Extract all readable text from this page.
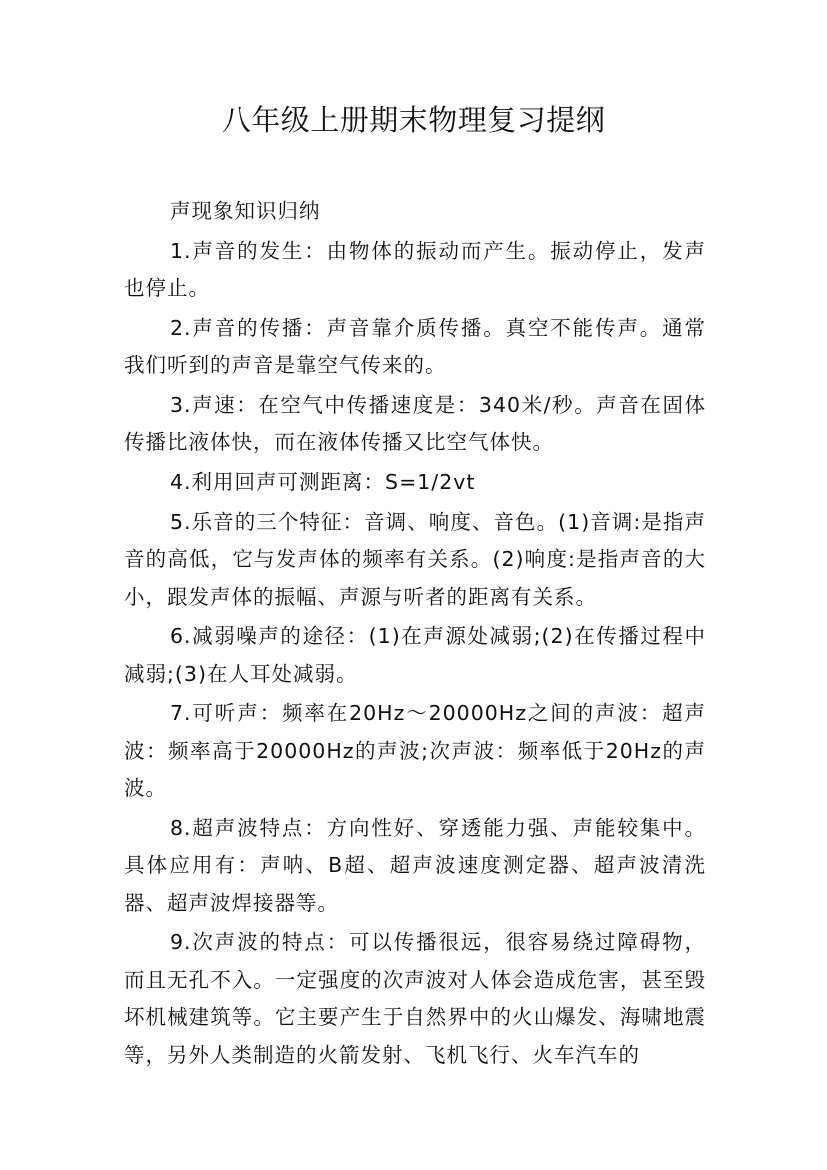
八年级上册期末物理复习提纲

声现象知识归纳

1.声音的发生：由物体的振动而产生。振动停止，发声也停止。

2.声音的传播：声音靠介质传播。真空不能传声。通常我们听到的声音是靠空气传来的。

3.声速：在空气中传播速度是：340米/秒。声音在固体传播比液体快，而在液体传播又比空气体快。

4.利用回声可测距离：S=1/2vt

5.乐音的三个特征：音调、响度、音色。(1)音调:是指声音的高低，它与发声体的频率有关系。(2)响度:是指声音的大小，跟发声体的振幅、声源与听者的距离有关系。

6.减弱噪声的途径：(1)在声源处减弱;(2)在传播过程中减弱;(3)在人耳处减弱。

7.可听声：频率在20Hz～20000Hz之间的声波：超声波：频率高于20000Hz的声波;次声波：频率低于20Hz的声波。

8.超声波特点：方向性好、穿透能力强、声能较集中。具体应用有：声呐、B超、超声波速度测定器、超声波清洗器、超声波焊接器等。

9.次声波的特点：可以传播很远，很容易绕过障碍物，而且无孔不入。一定强度的次声波对人体会造成危害，甚至毁坏机械建筑等。它主要产生于自然界中的火山爆发、海啸地震等，另外人类制造的火箭发射、飞机飞行、火车汽车的
